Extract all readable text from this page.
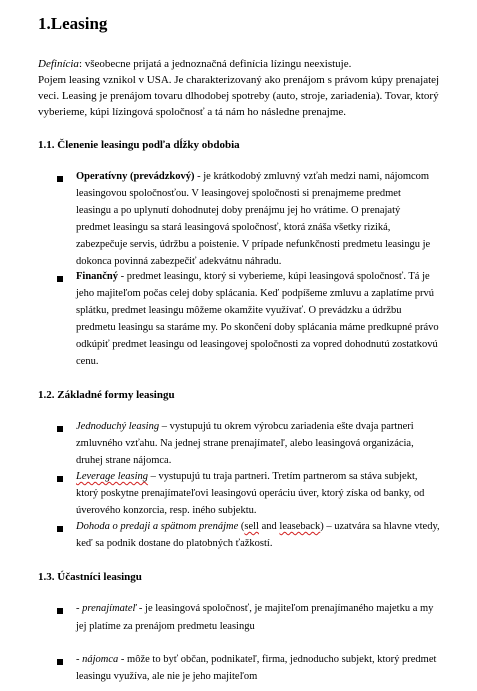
1.Leasing
Definícia: všeobecne prijatá a jednoznačná definícia lízingu neexistuje.
Pojem leasing vznikol v USA. Je charakterizovaný ako prenájom s právom kúpy prenajatej
veci. Leasing je prenájom tovaru dlhodobej spotreby (auto, stroje, zariadenia). Tovar, ktorý
vyberieme, kúpi lízingová spoločnosť a tá nám ho následne prenajme.
1.1. Členenie leasingu podľa dĺžky obdobia
Operatívny (prevádzkový) - je krátkodobý zmluvný vzťah medzi nami, nájomcom
leasingovou spoločnosťou. V leasingovej spoločnosti si prenajmeme predmet
leasingu a po uplynutí dohodnutej doby prenájmu jej ho vrátime. O prenajatý
predmet leasingu sa stará leasingová spoločnosť, ktorá znáša všetky riziká,
zabezpečuje servis, údržbu a poistenie. V prípade nefunkčnosti predmetu leasingu je
dokonca povinná zabezpečiť adekvátnu náhradu.
Finančný - predmet leasingu, ktorý si vyberieme, kúpi leasingová spoločnosť. Tá je
jeho majiteľom počas celej doby splácania. Keď podpíšeme zmluvu a zaplatíme prvú
splátku, predmet leasingu môžeme okamžite využívať. O prevádzku a údržbu
predmetu leasingu sa staráme my. Po skončení doby splácania máme predkupné právo
odkúpiť predmet leasingu od leasingovej spoločnosti za vopred dohodnutú zostatkovú
cenu.
1.2. Základné formy leasingu
Jednoduchý leasing – vystupujú tu okrem výrobcu zariadenia ešte dvaja partneri
zmluvného vzťahu. Na jednej strane prenajímateľ, alebo leasingová organizácia,
druhej strane nájomca.
Leverage leasing – vystupujú tu traja partneri. Tretím partnerom sa stáva subjekt,
ktorý poskytne prenajímateľovi leasingovú operáciu úver, ktorý získa od banky, od
úverového konzorcia, resp. iného subjektu.
Dohoda o predaji a spätnom prenájme (sell and leaseback) – uzatvára sa hlavne vtedy,
keď sa podnik dostane do platobných ťažkostí.
1.3. Účastníci leasingu
- prenajímateľ - je leasingová spoločnosť, je majiteľom prenajímaného majetku a my
jej platíme za prenájom predmetu leasingu
- nájomca - môže to byť občan, podnikateľ, firma, jednoducho subjekt, ktorý predmet
leasingu využíva, ale nie je jeho majiteľom
